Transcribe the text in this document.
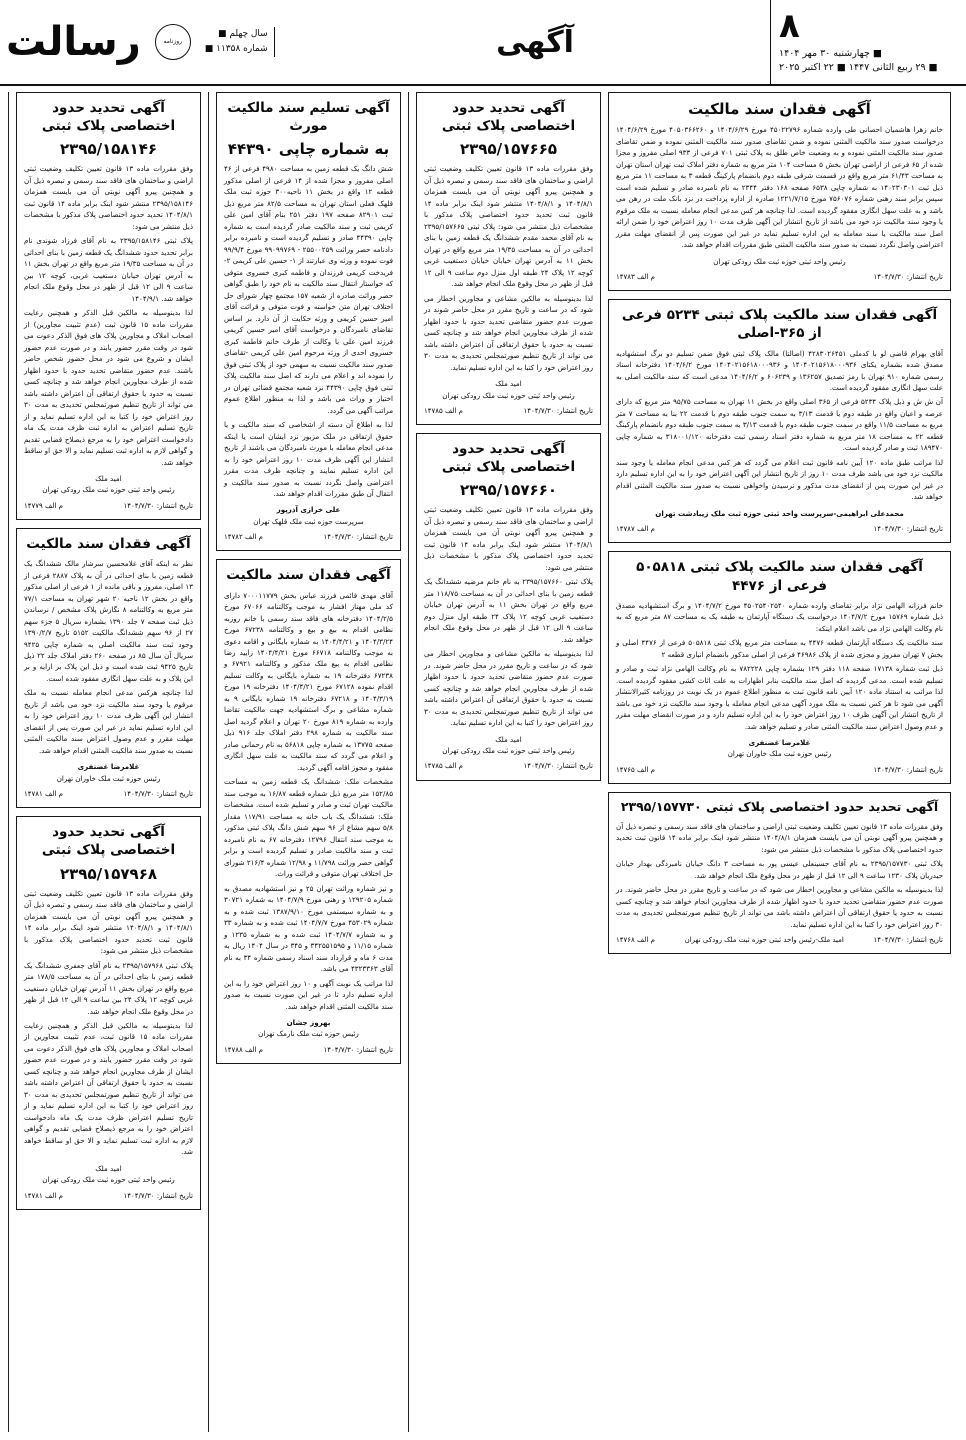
۸
■ چهارشنبه ۳۰ مهر ۱۴۰۴
■ ۲۹ ربیع الثانی ۱۴۴۷ ■ ۲۲ اکتبر ۲۰۲۵
آگهی
سال چهلم ■
شماره ۱۱۳۵۸ ■
روزنامه
رسالت
آگهی فقدان سند مالکیت

خانم زهرا هاشمیان احصانی طی وارده شماره ۴۵۰۲۲۷۹۶ مورخ ۱۴۰۴/۶/۲۹ و ۴۰۵۰۳۶۶۲۶۰ مورخ ۱۴۰۴/۶/۲۹ درخواست صدور سند مالکیت المثنی نموده و ضمن تقاضای صدور سند مالکیت المثنی نموده و ضمن تقاضای صدور سند مالکیت المثنی نموده و به وضعیت خاص طلق به پلاک ثبتی ۷۰۱ فرعی از ۹۳۳ اصلی مفروز و مجزا شده از ۶۵ فرعی از اراضی تهران بخش ۵ مساحت ۱۰۴ متر مربع به شماره دفتر املاک ثبت تهران استان تهران به مساحت ۶۱/۴۳ متر مربع واقع در قسمت شرقی طبقه دوم بانضمام پارکینگ قطعه ۳ به مساحت ۱۱ متر مربع ذیل ثبت ۱۴۰۲۳۰۳۰۱ به شماره چاپی ۶۵۳۸ صفحه ۱۶۸ دفتر ۲۳۴۴ به نام نامبرده صادر و تسلیم شده است سپس برابر سند رهنی شماره ۷۵۶۰۷۶ مورخ ۱۲۲۱/۷/۱۵ صادره از اداره پرداخت در نزد بانک ملت در رهن می باشد و به علت سهل انگاری مفقود گردیده است. لذا چنانچه هر کس مدعی انجام معامله نسبت به ملک مرقوم یا وجود سند مالکیت نزد خود می باشد از تاریخ انتشار این آگهی ظرف مدت ۱۰ روز اعتراض خود را ضمن ارائه اصل سند مالکیت یا سند معامله به این اداره تسلیم نماید در غیر این صورت پس از انقضای مهلت مقرر اعتراضی واصل نگردد نسبت به صدور سند مالکیت المثنی طبق مقررات اقدام خواهد شد.

رئیس واحد ثبتی حوزه ثبت ملک رودکی تهران
تاریخ انتشار: ۱۴۰۴/۷/۳۰
م الف ۱۴۷۸۳
آگهی فقدان سند مالکیت پلاک ثبتی ۵۲۳۴ فرعی از ۳۶۵-اصلی

آقای بهرام قاضی لو با کدملی ۴۲۸۳۰۲۶۴۵۱ (اصالتا) مالک پلاک ثبتی فوق ضمن تسلیم دو برگ استشهادیه مصدق شده بشماره یکتای ۱۴۰۴۰۲۱۵۶۱۸۰۰۰۹۳۶ و ۱۴۰۴۰۲۱۵۶۱۸۰۰۰۹۳۶ مورخ ۱۴۰۴/۶/۲ دفترخانه اسناد رسمی شماره ۹۱۰ تهران با رمز تصدیق ۱۳۶۲۵۷ و ۶۰۶۲۳۹ و ۱۴۰۴/۶/۲ مدعی است که سند مالکیت اصلی به علت سهل انگاری مفقود گردیده است.

آن ش ش و ذیل پلاک ۵۲۳۴ فرعی از ۳۶۵ اصلی واقع در بخش ۱۱ تهران به مساحت ۹۵/۷۵ متر مربع که دارای عرصه و اعیان واقع در طبقه دوم با قدمت ۳/۱۳ به سمت جنوب طبقه دوم با قدمت ۲۲ بنا به مساحت ۷ متر مربع به مساحت ۱۱/۵ واقع در سمت جنوب طبقه دوم با قدمت ۳/۱۳ به سمت جنوب طبقه دوم بانضمام پارکینگ قطعه ۲۲ به مساحت ۱۸ متر مربع به شماره دفتر اسناد رسمی ثبت دفترخانه ۳۱۸۰۰۱/۱۲۰ به شماره چاپی ۱۸۹۴۷۰ ثبت و صادر گردیده است.

لذا مراتب طبق ماده ۱۲۰ آیین نامه قانون ثبت اعلام می گردد که هر کس مدعی انجام معامله یا وجود سند مالکیت نزد خود می باشد ظرف مدت ۱۰ روز از تاریخ انتشار این آگهی اعتراض خود را به این اداره تسلیم دارد در غیر این صورت پس از انقضای مدت مذکور و نرسیدن واخواهی نسبت به صدور سند مالکیت المثنی اقدام خواهد شد.

محمدعلی ابراهیمی-سرپرست واحد ثبتی حوزه ثبت ملک زیبادشت تهران
تاریخ انتشار: ۱۴۰۴/۷/۳۰
م الف ۱۴۷۸۷
آگهی فقدان سند مالکیت پلاک ثبتی ۵۰۵۸۱۸ فرعی از ۴۴۷۶

خانم فرزانه الهامی نژاد برابر تقاضای وارده شماره ۴۵۰۲۵۴۰۲۵۴۰ مورخ ۱۴۰۴/۷/۲ و برگ استشهادیه مصدق ذیل شماره ۱۵۷۶۹ مورخ ۱۴۰۴/۷/۲ درخواست یک دستگاه آپارتمان به طبقه یک به مساحت ۸۷ متر مربع که به نام وکالت الهامی نژاد می باشد اعلام اینکه:

سند مالکیت یک دستگاه آپارتمان قطعه ۴۴۷۶ به مساحت متر مربع پلاک ثبتی ۵۰۵۸۱۸ فرعی از ۴۴۷۶ اصلی و بخش ۷ تهران مفروز و مجزی شده از پلاک ۴۶۹۸۶ فرعی از اصلی مذکور بانضمام انباری قطعه ۲

ذیل ثبت شماره ۱۷۱۳۸ صفحه ۱۱۸ دفتر ۱۲۹ بشماره چاپی ۷۸۲۲۲۸ به نام وکالت الهامی نژاد ثبت و صادر و تسلیم شده است. مدعی گردیده که اصل سند مالکیت بنابر اظهارات به علت اثاث کشی مفقود گردیده است. لذا مراتب به استناد ماده ۱۲۰ آیین نامه قانون ثبت به منظور اطلاع عموم در یک نوبت در روزنامه کثیرالانتشار آگهی می شود تا هر کس نسبت به ملک مورد آگهی مدعی انجام معامله یا وجود سند مالکیت نزد خود می باشد از تاریخ انتشار این آگهی ظرف ۱۰ روز اعتراض خود را به این اداره تسلیم دارد و در صورت انقضای مهلت مقرر و عدم وصول اعتراض سند مالکیت المثنی صادر و تسلیم خواهد شد.

غلامرضا غضنفری
رئیس حوزه ثبت ملک خاوران تهران
تاریخ انتشار: ۱۴۰۴/۷/۳۰
م الف ۱۴۷۶۵
آگهی تحدید حدود اختصاصی پلاک ثبتی ۲۳۹۵/۱۵۷۷۳۰

وفق مقررات ماده ۱۳ قانون تعیین تکلیف وضعیت ثبتی اراضی و ساختمان های فاقد سند رسمی و تبصره ذیل آن و همچنین پیرو آگهی نوبتی آن می بایست همزمان ۱۴۰۴/۸/۱ منتشر شود اینک برابر ماده ۱۴ قانون ثبت تحدید حدود اختصاصی پلاک مذکور با مشخصات ذیل منتشر می شود:

پلاک ثبتی ۲۳۹۵/۱۵۷۷۳۰ به نام آقای حسینعلی عیسی پور به مساحت ۳ دانگ خیابان نامبردگی بهدار خیابان حیدریان پلاک ۱۲۳۰ ساعت ۹ الی ۱۲ قبل از ظهر در محل وقوع ملک انجام خواهد شد.

لذا بدینوسیله به مالکین مشاعی و مجاورین اخطار می شود که در ساعت و تاریخ مقرر در محل حاضر شوند. در صورت عدم حضور متقاضی تحدید حدود با حدود اظهار شده از طرف مجاورین انجام خواهد شد و چنانچه کسی نسبت به حدود یا حقوق ارتفاقی آن اعتراض داشته باشد می تواند از تاریخ تنظیم صورتمجلس تحدیدی به مدت ۳۰ روز اعتراض خود را کتبا به این اداره تسلیم نماید.

تاریخ انتشار: ۱۴۰۴/۷/۳۰
امید ملک-رئیس واحد ثبتی حوزه ثبت ملک رودکی تهران
م الف ۱۴۷۶۸
آگهی تحدید حدود اختصاصی پلاک ثبتی
۲۳۹۵/۱۵۷۶۶۵

وفق مقررات ماده ۱۳ قانون تعیین تکلیف وضعیت ثبتی اراضی و ساختمان های فاقد سند رسمی و تبصره ذیل آن و همچنین پیرو آگهی نوبتی آن می بایست همزمان ۱۴۰۴/۸/۱ و ۱۴۰۴/۸/۱ منتشر شود اینک برابر ماده ۱۴ قانون ثبت تحدید حدود اختصاصی پلاک مذکور با مشخصات ذیل منتشر می شود: پلاک ثبتی ۲۳۹۵/۱۵۷۶۶۵ به نام آقای محمد مقدم ششدانگ یک قطعه زمین با بنای احداثی در آن به مساحت ۱۹/۳۵ متر مربع واقع در تهران بخش ۱۱ به آدرس تهران خیابان خیابان دستغیب غربی کوچه ۱۲ پلاک ۲۴ طبقه اول منزل دوم ساعت ۹ الی ۱۲ قبل از ظهر در محل وقوع ملک انجام خواهد شد.

لذا بدینوسیله به مالکین مشاعی و مجاورین اخطار می شود که در ساعت و تاریخ مقرر در محل حاضر شوند در صورت عدم حضور متقاضی تحدید حدود با حدود اظهار شده از طرف مجاورین انجام خواهد شد و چنانچه کسی نسبت به حدود یا حقوق ارتفاقی آن اعتراض داشته باشد می تواند از تاریخ تنظیم صورتمجلس تحدیدی به مدت ۳۰ روز اعتراض خود را کتبا به این اداره تسلیم نماید.

امید ملک
رئیس واحد ثبتی حوزه ثبت ملک رودکی تهران
تاریخ انتشار: ۱۴۰۴/۷/۳۰
م الف ۱۴۷۸۵
آگهی تحدید حدود اختصاصی پلاک ثبتی
۲۳۹۵/۱۵۷۶۶۰

وفق مقررات ماده ۱۳ قانون تعیین تکلیف وضعیت ثبتی اراضی و ساختمان های فاقد سند رسمی و تبصره ذیل آن و همچنین پیرو آگهی نوبتی آن می بایست همزمان ۱۴۰۴/۸/۱ منتشر شود اینک برابر ماده ۱۴ قانون ثبت تحدید حدود اختصاصی پلاک مذکور با مشخصات ذیل منتشر می شود:

پلاک ثبتی ۲۳۹۵/۱۵۷۶۶۰ به نام خانم مرضیه ششدانگ یک قطعه زمین با بنای احداثی در آن به مساحت ۱۱۸/۷۵ متر مربع واقع در تهران بخش ۱۱ به آدرس تهران خیابان دستغیب غربی کوچه ۱۲ پلاک ۲۴ طبقه اول منزل دوم ساعت ۹ الی ۱۲ قبل از ظهر در محل وقوع ملک انجام خواهد شد.

لذا بدینوسیله به مالکین مشاعی و مجاورین اخطار می شود که در ساعت و تاریخ مقرر در محل حاضر شوند. در صورت عدم حضور متقاضی تحدید حدود با حدود اظهار شده از طرف مجاورین انجام خواهد شد و چنانچه کسی نسبت به حدود یا حقوق ارتفاقی آن اعتراض داشته باشد می تواند از تاریخ تنظیم صورتمجلس تحدیدی به مدت ۳۰ روز اعتراض خود را کتبا به این اداره تسلیم نماید.

امید ملک
رئیس واحد ثبتی حوزه ثبت ملک رودکی تهران
تاریخ انتشار: ۱۴۰۴/۷/۳۰
م الف ۱۴۷۸۵
آگهی تسلیم سند مالکیت مورث
به شماره چاپی ۴۴۳۹۰

شش دانگ یک قطعه زمین به مساحت ۴۹۸۰ فرعی از ۴۶ اصلی مفروز و مجزا شده از ۱۴ فرعی از اصلی مذکور قطعه ۱۲ واقع در بخش ۱۱ ناحیه۳۰۰ حوزه ثبت ملک قلهک فعلی استان تهران به مساحت ۸۲/۵ متر مربع ذیل ثبت ۸۲۹۰۱ صفحه ۱۹۷ دفتر ۲۵۱ بنام آقای امین علی کریمی ثبت و سند مالکیت صادر گردیده است به شماره چاپی ۴۴۳۹۰ صادر و تسلیم گردیده است و نامبرده برابر دادنامه حصر وراثت ۲۵۵۰۰۲۵۹ - ۹۹۰۹۹۷۶۹ مورخ ۹۹/۹/۴ فوت نموده و ورثه وی عبارتند از ۱- حسین علی کریمی ۲- فریدخت کریمی فرزندان و فاطمه کبری خسروی متوفی که خواستار انتقال سند مالکیت به نام خود را طبق گواهی حصر وراثت صادره از شعبه ۱۵۷ مجتمع چهار شورای حل اختلاف تهران متن خواسته و فوت متوفی و قرائت آقای امیر حسین کریمی و ورثه حکایت از آن دارد. بر اساس تقاضای نامبردگان و درخواست آقای امیر حسین کریمی فرزند امین علی با وکالت از طرف خانم فاطمه کبری خسروی احدی از ورثه مرحوم امین علی کریمی -تقاضای صدور سند مالکیت نسبت به سهمی خود از پلاک ثبتی فوق را نموده اند و اعلام می دارند که اصل سند مالکیت پلاک ثبتی فوق چاپی ۴۴۳۹۰ نزد شعبه مجتمع قضائی تهران در اختیار و وراث می باشد و لذا به منظور اطلاع عموم مراتب آگهی می گردد.

لذا به اطلاع آن دسته از اشخاصی که سند مالکیت و یا حقوق ارتفاقی در ملک مزبور نزد ایشان است یا اینکه مدعی انجام معامله با مورث نامبردگان می باشند از تاریخ انتشار این آگهی ظرف مدت ۱۰ روز اعتراض خود را به این اداره تسلیم نمایند و چنانچه ظرف مدت مقرر اعتراضی واصل نگردد نسبت به صدور سند مالکیت و انتقال آن طبق مقررات اقدام خواهد شد.

علی خرازی آذرپور
سرپرست حوزه ثبت ملک قلهک تهران
تاریخ انتشار: ۱۴۰۴/۷/۳۰
م الف ۱۴۷۸۲
آگهی فقدان سند مالکیت

آقای مهدی قائمی فرزند عباس بخش ۷۰۰۰۱۱۷۷۹ دارای کد ملی مهناز افشار به موجب وکالتنامه ۶۷۰۶۶ مورخ ۱۴۰۴/۲/۵ دفترخانه های فاقد سند رسمی با خانم روزبه نظامی اقدام به بیع و بیع و وکالتنامه ۶۷۲۳۸ مورخ ۱۴۰۴/۳/۲۴ و ۱۴۰۴/۴/۲۱ به شماره بایگانی و اقامه دعوی به موجب وکالتنامه ۶۶۷۱۸ مورخ ۱۴۰۴/۴/۲۱ زایید رضا نظامی اقدام به بیع ملک مذکور و وکالتنامه ۶۷۹۲۱ و ۶۷۲۳۸ دفترخانه ۱۹ به شماره بایگانی به وکالت تسلیم اقدام نموده ۶۷۱۲۸ مورخ ۱۴۰۴/۴/۲۱ دفترخانه ۱۹ مورخ ۱۴۰۴/۳/۱۹ و ۶۷۲۱۸ دفترخانه ۱۹ شماره بایگانی ۹ به شماره مشاعی و برگ استشهادیه جهت مالکیت تقاضا وارده به شماره ۸۱۹ مورخ ۲۰ تهران و اعلام گردید اصل سند مالکیت به شماره ۲۹۸ دفتر املاک جلد ۹۱۶ ذیل صفحه ۱۳۷۷۵ به شماره چاپی ۵۶۸۱۸ به نام رحمانی صادر و اعلام می گردد که سند مالکیت به علت سهل انگاری مفقود و مجوز اقامه آگهی گردید.

مشخصات ملک: ششدانگ یک قطعه زمین به مساحت ۱۵۲/۸۵ متر مربع ذیل شماره قطعه ۱۶/۸۷ به موجب سند مالکیت تهران ثبت و صادر و تسلیم شده است. مشخصات ملک: ششدانگ یک باب خانه به مساحت ۱۱۷/۹۱ مقدار ۵/۸ سهم مشاع از ۹۶ سهم شش دانگ پلاک ثبتی مذکور، به موجب سند انتقال ۱۲۷۹۶ دفترخانه ۶۷ به نام نامبرده ثبت و سند مالکیت صادر و تسلیم گردیده است و برابر گواهی حصر وراثت ۱۱/۷۹۸ و ۱۲/۹۸ شماره ۲۱۶/۴ شورای حل اختلاف تهران متوفی و قرائت وراث.

و نیز شماره وراثت تهران ۲۵ و نیز استشهادیه مصدق به شماره ۱۲۹۲۰۵ و رهنی مورخ ۱۴۰۴/۷/۹ به شماره ۳۰۷۲۱ و به شماره سیستمی مورخ ۱۳۸۷/۹/۱۰ ثبت شده و به شماره ۴۵۳۰۲۹ مورخ ۱۴۰۴/۷/۷ ثبت شده و به شماره ۳۳ و به شماره ۱۴۰۴/۷/۷ ثبت شده و به شماره ۱۲۳۵ و شماره ۱۱/۱۵ و ۳۴۲۵۵۱۵۹۵ و ۳۴۵ در سال ۱۴۰۴ ریال به مدت ۶ ماه و قرارداد سند اسناد رسمی شماره ۳۴ به نام آقای ۴۳۲۳۳۶۳ می باشد.

لذا مراتب یک نوبت آگهی و ۱۰ روز اعتراض خود را به این اداره تسلیم دارد تا در غیر این صورت نسبت به صدور سند مالکیت المثنی اقدام خواهد شد.

بهروز جشان
رئیس حوزه ثبت ملک نارمک تهران
تاریخ انتشار: ۱۴۰۴/۷/۳۰
م الف ۱۴۷۸۸
آگهی تحدید حدود اختصاصی پلاک ثبتی
۲۳۹۵/۱۵۸۱۴۶

وفق مقررات ماده ۱۳ قانون تعیین تکلیف وضعیت ثبتی اراضی و ساختمان های فاقد سند رسمی و تبصره ذیل آن و همچنین پیرو آگهی نوبتی آن می بایست همزمان ۲۳۹۵/۱۵۸۱۴۶ منتشر شود اینک برابر ماده ۱۴ قانون ثبت ۱۴۰۴/۸/۱ تحدید حدود اختصاصی پلاک مذکور با مشخصات ذیل منتشر می شود:

پلاک ثبتی ۲۳۹۵/۱۵۸۱۴۶ به نام آقای فرزاد شوندی نام برابر تحدید حدود ششدانگ یک قطعه زمین با بنای احداثی در آن به مساحت ۱۹/۳۵ متر مربع واقع در تهران بخش ۱۱ به آدرس تهران خیابان دستغیب غربی، کوچه ۱۲ بین ساعت ۹ الی ۱۲ قبل از ظهر در محل وقوع ملک انجام خواهد شد. ۱۴۰۴/۹/۱

لذا بدینوسیله به مالکین قبل الذکر و همچنین رعایت مقررات ماده ۱۵ قانون ثبت (عدم تثبیت مجاورین) از اصحاب املاک و مجاورین پلاک های فوق الذکر دعوت می شود در وقت مقرر حضور یابند و در صورت عدم حضور ایشان و شروع می شود در محل حضور شخص حاضر باشند. عدم حضور متقاضی تحدید حدود با حدود اظهار شده از طرف مجاورین انجام خواهد شد و چنانچه کسی نسبت به حدود یا حقوق ارتفاقی آن اعتراض داشته باشد می تواند از تاریخ تنظیم صورتمجلس تحدیدی به مدت ۳۰ روز اعتراض خود را کتبا به این اداره تسلیم نماید و از تاریخ تسلیم اعتراض به اداره ثبت ظرف مدت یک ماه دادخواست اعتراض خود را به مرجع ذیصلاح قضایی تقدیم و گواهی لازم به اداره ثبت تسلیم نماید و الا حق او ساقط خواهد شد.

امید ملک
رئیس واحد ثبتی حوزه ثبت ملک رودکی تهران
تاریخ انتشار: ۱۴۰۴/۷/۳۰
م الف ۱۴۷۷۹
آگهی فقدان سند مالکیت

نظر به اینکه آقای غلامحسین سرشار مالک ششدانگ یک قطعه زمین با بنای احداثی در آن به پلاک ۲۸۸۷ فرعی از ۱۳ اصلی، مفروز و باقی مانده از ۱ فرعی از اصلی مذکور واقع در بخش ۱۲ ناحیه ۲۰ شهر تهران به مساحت ۷۷/۱ متر مربع به وکالتنامه ۸ نگارش پلاک مشخص / نرساندن ذیل ثبت صفحه ۷ جلد ۱۳۹۰ بشماره سریال ۵ جزء سهم ۲۷ از ۹۶ سهم ششدانگ مالکیت ۵۱۵۲ تاریخ ۱۳۹۰/۲/۷ وجود ثبت سند مالکیت اصلی به شماره چاپی ۹۴۲۵ سریال آن سال ۸۵ در صفحه ۲۶۰ دفتر املاک جلد ۲۲ ذیل تاریخ ۹۴۲۵ ثبت شده است و ذیل این پلاک بر ارایه و بر این پلاک و به علت سهل انگاری مفقود شده است.

لذا چنانچه هرکس مدعی انجام معامله نسبت به ملک مرقوم یا وجود سند مالکیت نزد خود می باشد از تاریخ انتشار این آگهی ظرف مدت ۱۰ روز اعتراض خود را به این اداره تسلیم نماید در غیر این صورت پس از انقضای مهلت مقرر و عدم وصول اعتراض سند مالکیت المثنی نسبت به صدور سند مالکیت المثنی اقدام خواهد شد.

غلامرضا غضنفری
رئیس حوزه ثبت ملک خاوران تهران
تاریخ انتشار: ۱۴۰۴/۷/۳۰
م الف ۱۴۷۸۱
آگهی تحدید حدود اختصاصی پلاک ثبتی
۲۳۹۵/۱۵۷۹۶۸

وفق مقررات ماده ۱۳ قانون تعیین تکلیف وضعیت ثبتی اراضی و ساختمان های فاقد سند رسمی و تبصره ذیل آن و همچنین پیرو آگهی نوبتی آن می بایست همزمان ۱۴۰۴/۸/۱ و ۱۴۰۴/۸/۱ منتشر شود اینک برابر ماده ۱۴ قانون ثبت تحدید حدود اختصاصی پلاک مذکور با مشخصات ذیل منتشر می شود:

پلاک ثبتی ۲۳۹۵/۱۵۷۹۶۸ به نام آقای جعفری ششدانگ یک قطعه زمین با بنای احداثی در آن به مساحت ۱۷۸/۵ متر مربع واقع در تهران بخش ۱۱ آدرس تهران خیابان دستغیب غربی کوچه ۱۲ پلاک ۲۴ بین ساعت ۹ الی ۱۲ قبل از ظهر در محل وقوع ملک انجام خواهد شد.

لذا بدینوسیله به مالکین قبل الذکر و همچنین رعایت مقررات ماده ۱۵ قانون ثبت، عدم تثبیت مجاورین از اصحاب املاک و مجاورین پلاک های فوق الذکر دعوت می شود در وقت مقرر حضور یابند و در صورت عدم حضور ایشان از طرف مجاورین انجام خواهد شد و چنانچه کسی نسبت به حدود یا حقوق ارتفاقی آن اعتراض داشته باشد می تواند از تاریخ تنظیم صورتمجلس تحدیدی به مدت ۳۰ روز اعتراض خود را کتبا به این اداره تسلیم نماید و از تاریخ تسلیم اعتراض ظرف مدت یک ماه دادخواست اعتراض خود را به مرجع ذیصلاح قضایی تقدیم و گواهی لازم به اداره ثبت تسلیم نماید و الا حق او ساقط خواهد شد.

امید ملک
رئیس واحد ثبتی حوزه ثبت ملک رودکی تهران
تاریخ انتشار: ۱۴۰۴/۷/۳۰
م الف ۱۴۷۸۱
